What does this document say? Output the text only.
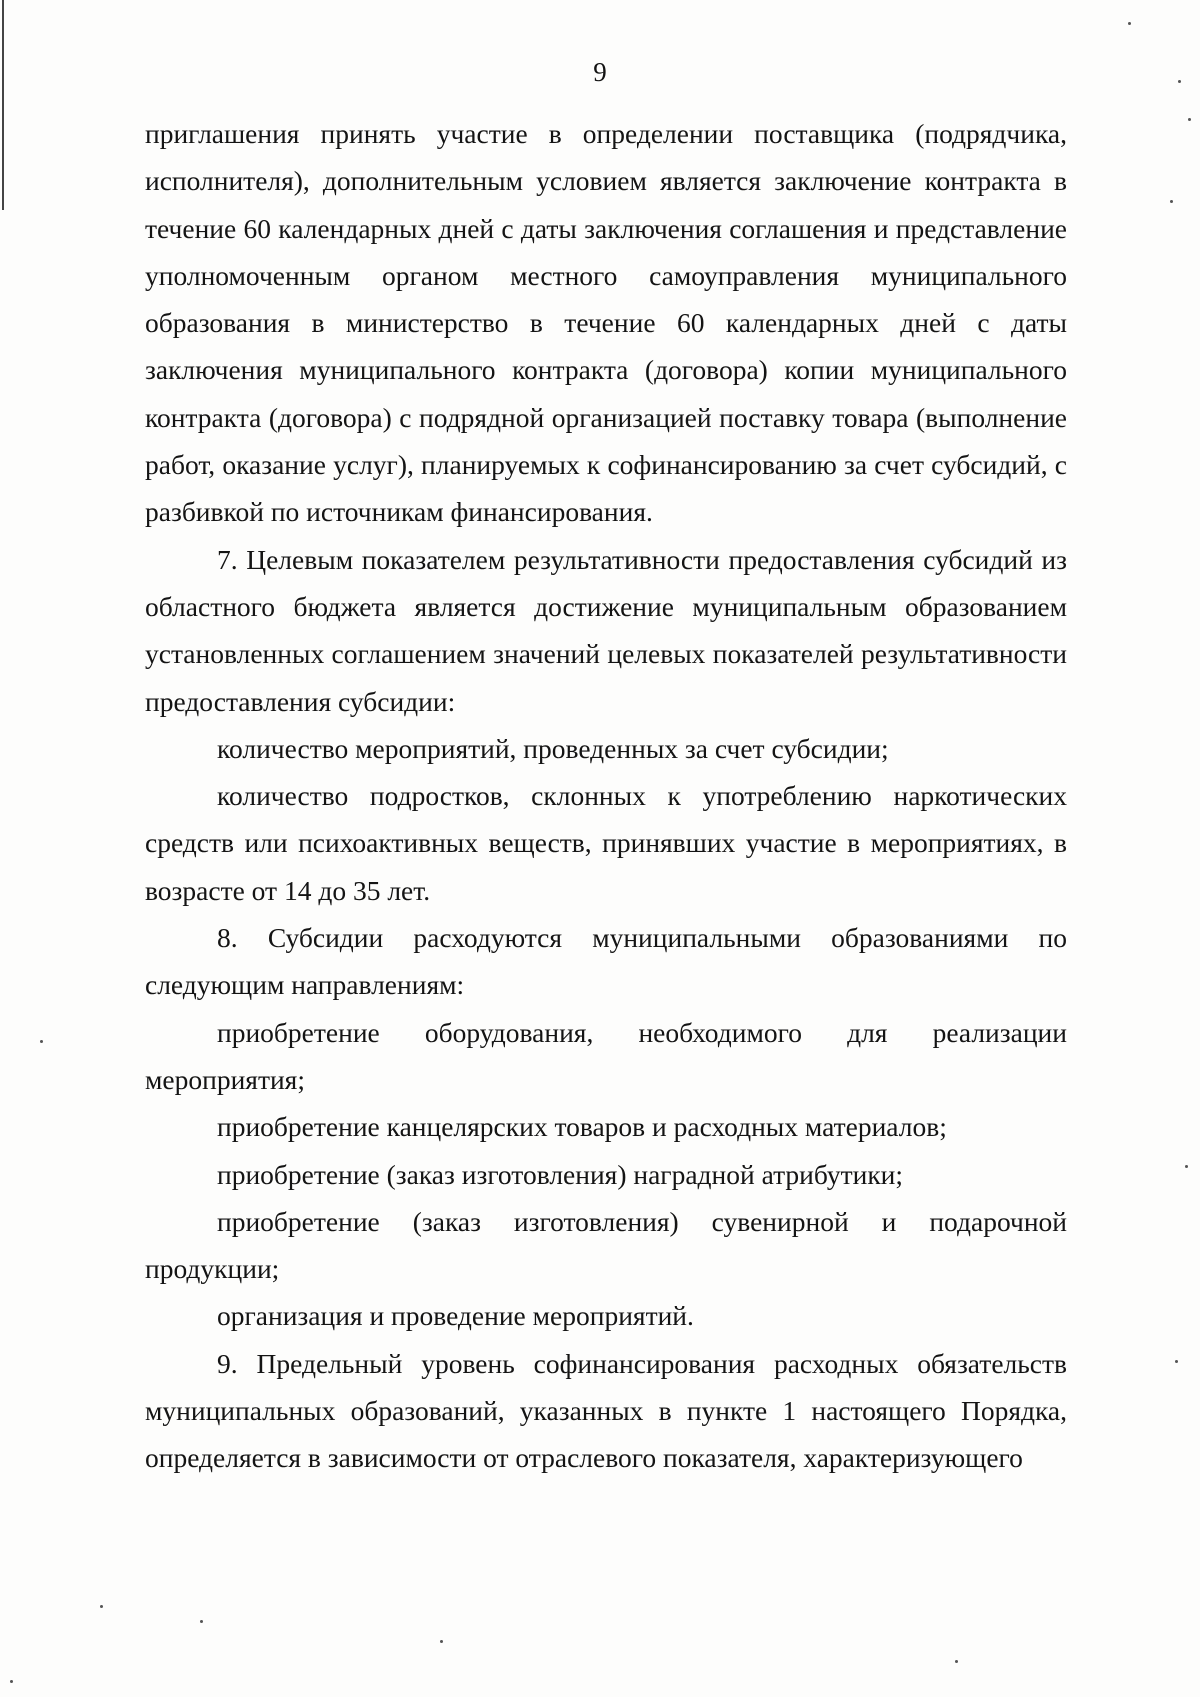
9

приглашения принять участие в определении поставщика (подрядчика, исполнителя), дополнительным условием является заключение контракта в течение 60 календарных дней с даты заключения соглашения и представление уполномоченным органом местного самоуправления муниципального образования в министерство в течение 60 календарных дней с даты заключения муниципального контракта (договора) копии муниципального контракта (договора) с подрядной организацией поставку товара (выполнение работ, оказание услуг), планируемых к софинансированию за счет субсидий, с разбивкой по источникам финансирования.

7. Целевым показателем результативности предоставления субсидий из областного бюджета является достижение муниципальным образованием установленных соглашением значений целевых показателей результативности предоставления субсидии:

количество мероприятий, проведенных за счет субсидии;

количество подростков, склонных к употреблению наркотических средств или психоактивных веществ, принявших участие в мероприятиях, в возрасте от 14 до 35 лет.

8. Субсидии расходуются муниципальными образованиями по следующим направлениям:

приобретение оборудования, необходимого для реализации мероприятия;

приобретение канцелярских товаров и расходных материалов;

приобретение (заказ изготовления) наградной атрибутики;

приобретение (заказ изготовления) сувенирной и подарочной продукции;

организация и проведение мероприятий.

9. Предельный уровень софинансирования расходных обязательств муниципальных образований, указанных в пункте 1 настоящего Порядка, определяется в зависимости от отраслевого показателя, характеризующего
